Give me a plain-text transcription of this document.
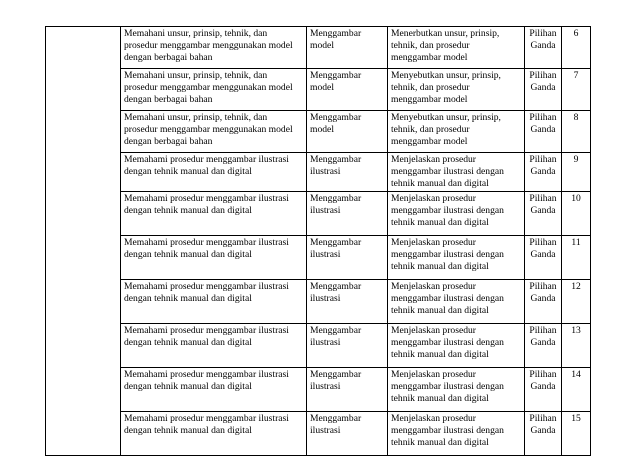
	Memahani unsur, prinsip, tehnik, dan prosedur menggambar menggunakan model dengan berbagai bahan	Menggambar model	Menerbutkan unsur, prinsip, tehnik, dan prosedur menggambar model	Pilihan Ganda	6
	Memahani unsur, prinsip, tehnik, dan prosedur menggambar menggunakan model dengan berbagai bahan	Menggambar model	Menyebutkan unsur, prinsip, tehnik, dan prosedur menggambar model	Pilihan Ganda	7
	Memahani unsur, prinsip, tehnik, dan prosedur menggambar menggunakan model dengan berbagai bahan	Menggambar model	Menyebutkan unsur, prinsip, tehnik, dan prosedur menggambar model	Pilihan Ganda	8
	Memahami prosedur menggambar ilustrasi dengan tehnik manual dan digital	Menggambar ilustrasi	Menjelaskan prosedur menggambar ilustrasi dengan tehnik manual dan digital	Pilihan Ganda	9
	Memahami prosedur menggambar ilustrasi dengan tehnik manual dan digital	Menggambar ilustrasi	Menjelaskan prosedur menggambar ilustrasi dengan tehnik manual dan digital	Pilihan Ganda	10
	Memahami prosedur menggambar ilustrasi dengan tehnik manual dan digital	Menggambar ilustrasi	Menjelaskan prosedur menggambar ilustrasi dengan tehnik manual dan digital	Pilihan Ganda	11
	Memahami prosedur menggambar ilustrasi dengan tehnik manual dan digital	Menggambar ilustrasi	Menjelaskan prosedur menggambar ilustrasi dengan tehnik manual dan digital	Pilihan Ganda	12
	Memahami prosedur menggambar ilustrasi dengan tehnik manual dan digital	Menggambar ilustrasi	Menjelaskan prosedur menggambar ilustrasi dengan tehnik manual dan digital	Pilihan Ganda	13
	Memahami prosedur menggambar ilustrasi dengan tehnik manual dan digital	Menggambar ilustrasi	Menjelaskan prosedur menggambar ilustrasi dengan tehnik manual dan digital	Pilihan Ganda	14
	Memahami prosedur menggambar ilustrasi dengan tehnik manual dan digital	Menggambar ilustrasi	Menjelaskan prosedur menggambar ilustrasi dengan tehnik manual dan digital	Pilihan Ganda	15
